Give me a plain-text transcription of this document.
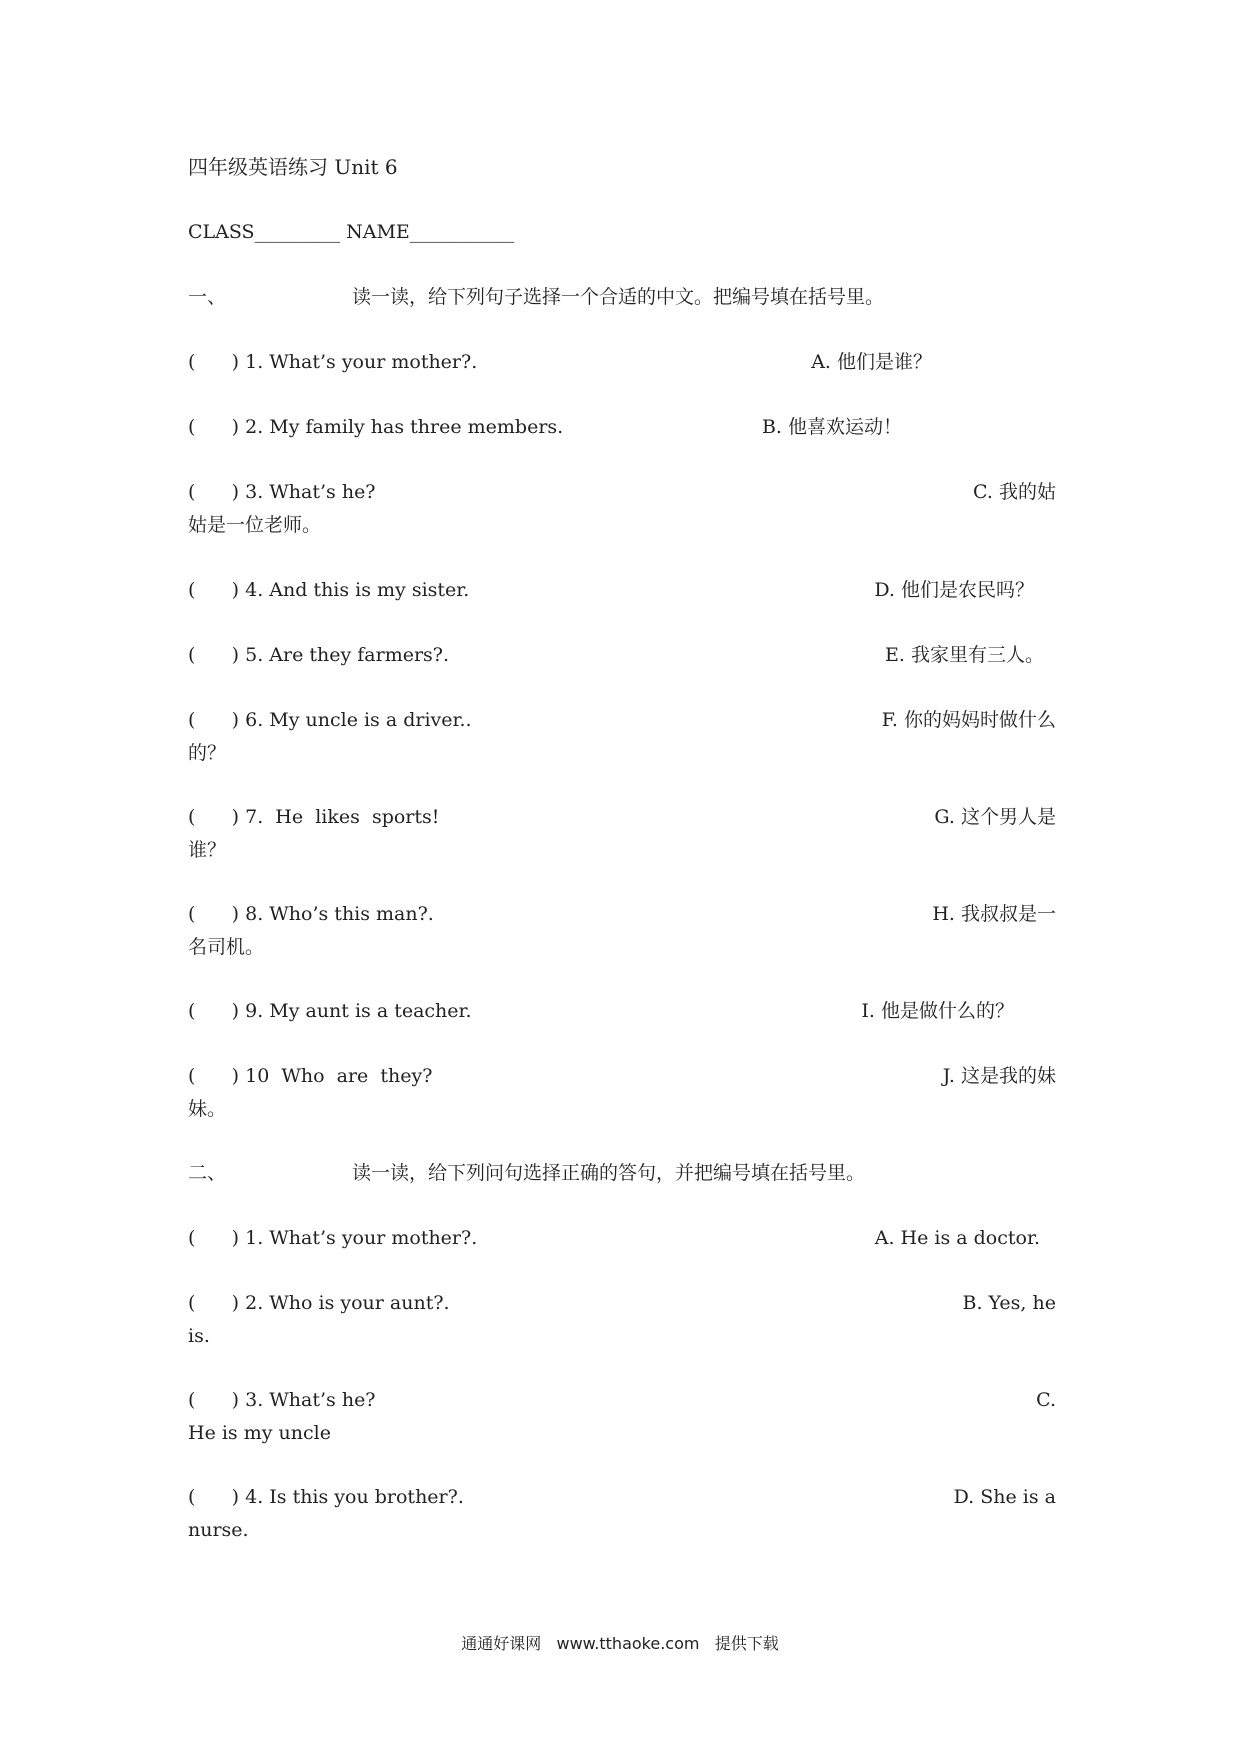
四年级英语练习 Unit 6
CLASS_________ NAME___________
一、	读一读，给下列句子选择一个合适的中文。把编号填在括号里。
(      ) 1. What’s your mother?.	A. 他们是谁？
(      ) 2. My family has three members.	B. 他喜欢运动！
(      ) 3. What’s he?	C. 我的姑
姑是一位老师。
(      ) 4. And this is my sister.	D. 他们是农民吗？
(      ) 5. Are they farmers?.	E. 我家里有三人。
(      ) 6. My uncle is a driver..	F. 你的妈妈时做什么
的？
(      ) 7.  He  likes  sports!	G. 这个男人是
谁？
(      ) 8. Who’s this man?.	H. 我叔叔是一
名司机。
(      ) 9. My aunt is a teacher.	I. 他是做什么的？
(      ) 10  Who  are  they?	J. 这是我的妹
妹。
二、	读一读，给下列问句选择正确的答句，并把编号填在括号里。
(      ) 1. What’s your mother?.	A. He is a doctor.
(      ) 2. Who is your aunt?.	B. Yes, he
is.
(      ) 3. What’s he?	C.
He is my uncle
(      ) 4. Is this you brother?.	D. She is a
nurse.
通通好课网   www.tthaoke.com   提供下载
